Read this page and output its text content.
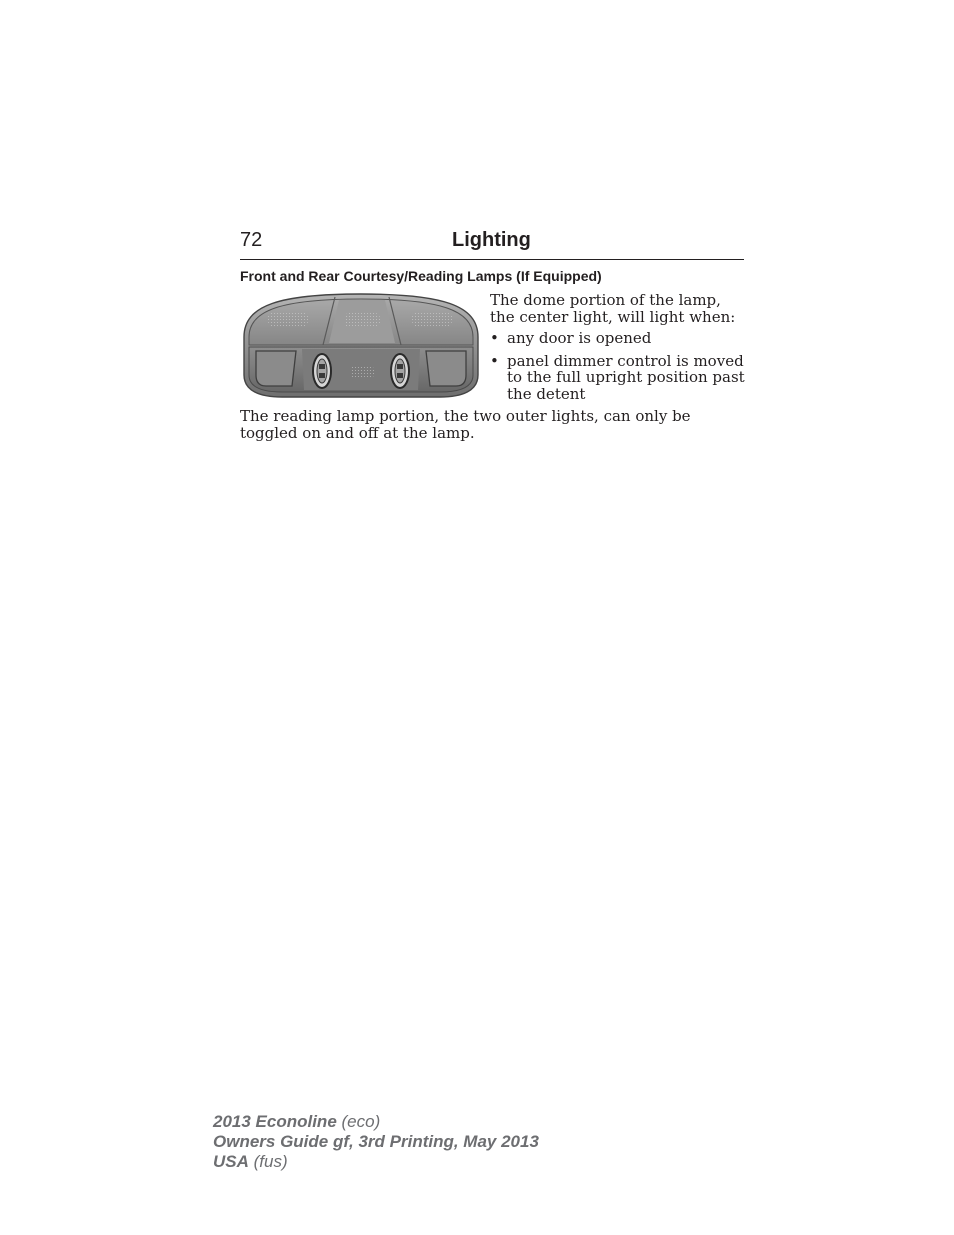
72	Lighting
Front and Rear Courtesy/Reading Lamps (If Equipped)

The dome portion of the lamp, the center light, will light when:

• any door is opened
• panel dimmer control is moved to the full upright position past the detent

The reading lamp portion, the two outer lights, can only be toggled on and off at the lamp.

2013 Econoline (eco)
Owners Guide gf, 3rd Printing, May 2013
USA (fus)
